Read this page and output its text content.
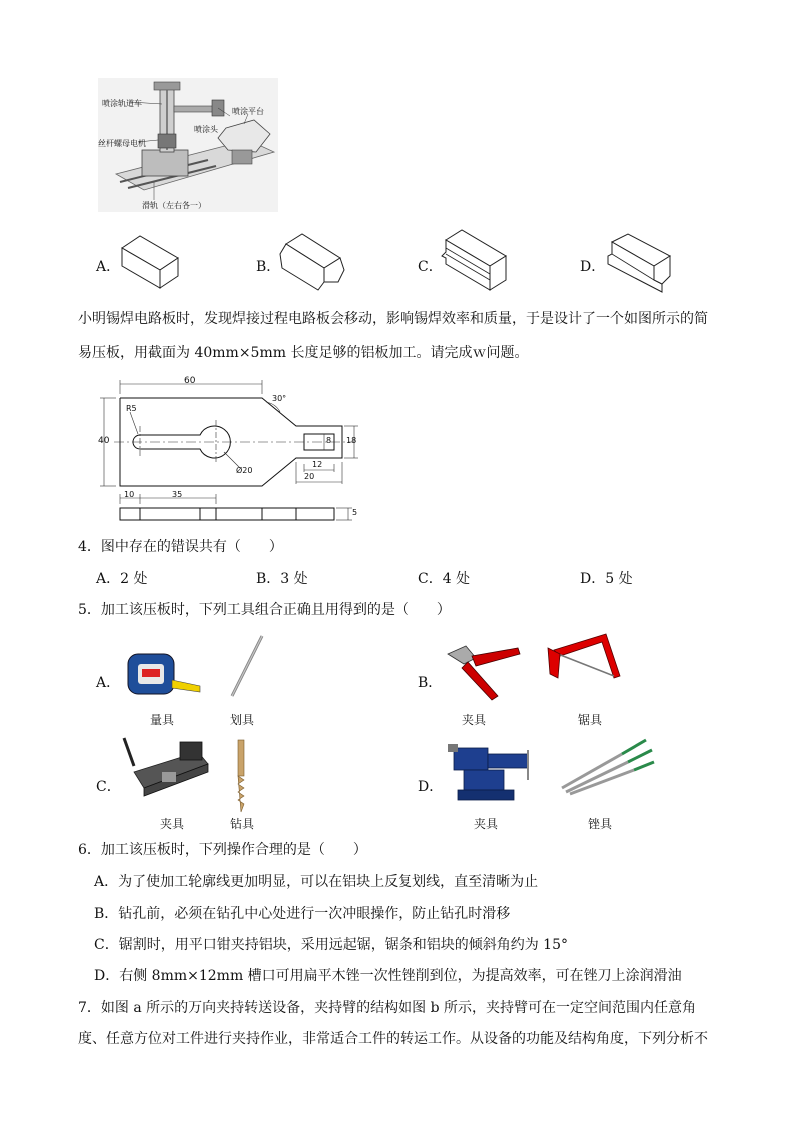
喷涂轨道车
喷涂头
喷涂平台
丝杆螺母电机
滑轨（左右各一）
A．	B．	C．	D．
小明锡焊电路板时，发现焊接过程电路板会移动，影响锡焊效率和质量，于是设计了一个如图所示的简
易压板，用截面为 40mm×5mm 长度足够的铝板加工。请完成ｗ问题。
60
R5
40
30°
18
8
12
20
Ø20
10	35
5
4．图中存在的错误共有（　　）
A．2 处	B．3 处	C．4 处	D．5 处
5．加工该压板时，下列工具组合正确且用得到的是（　　）
A．
量具	划具
B．
夹具	锯具
C．
夹具	钻具
D．
夹具	锉具
6．加工该压板时，下列操作合理的是（　　）
A．为了使加工轮廓线更加明显，可以在铝块上反复划线，直至清晰为止
B．钻孔前，必须在钻孔中心处进行一次冲眼操作，防止钻孔时滑移
C．锯割时，用平口钳夹持铝块，采用远起锯，锯条和铝块的倾斜角约为 15°
D．右侧 8mm×12mm 槽口可用扁平木锉一次性锉削到位，为提高效率，可在锉刀上涂润滑油
7．如图 a 所示的万向夹持转送设备，夹持臂的结构如图 b 所示，夹持臂可在一定空间范围内任意角
度、任意方位对工件进行夹持作业，非常适合工件的转运工作。从设备的功能及结构角度，下列分析不
